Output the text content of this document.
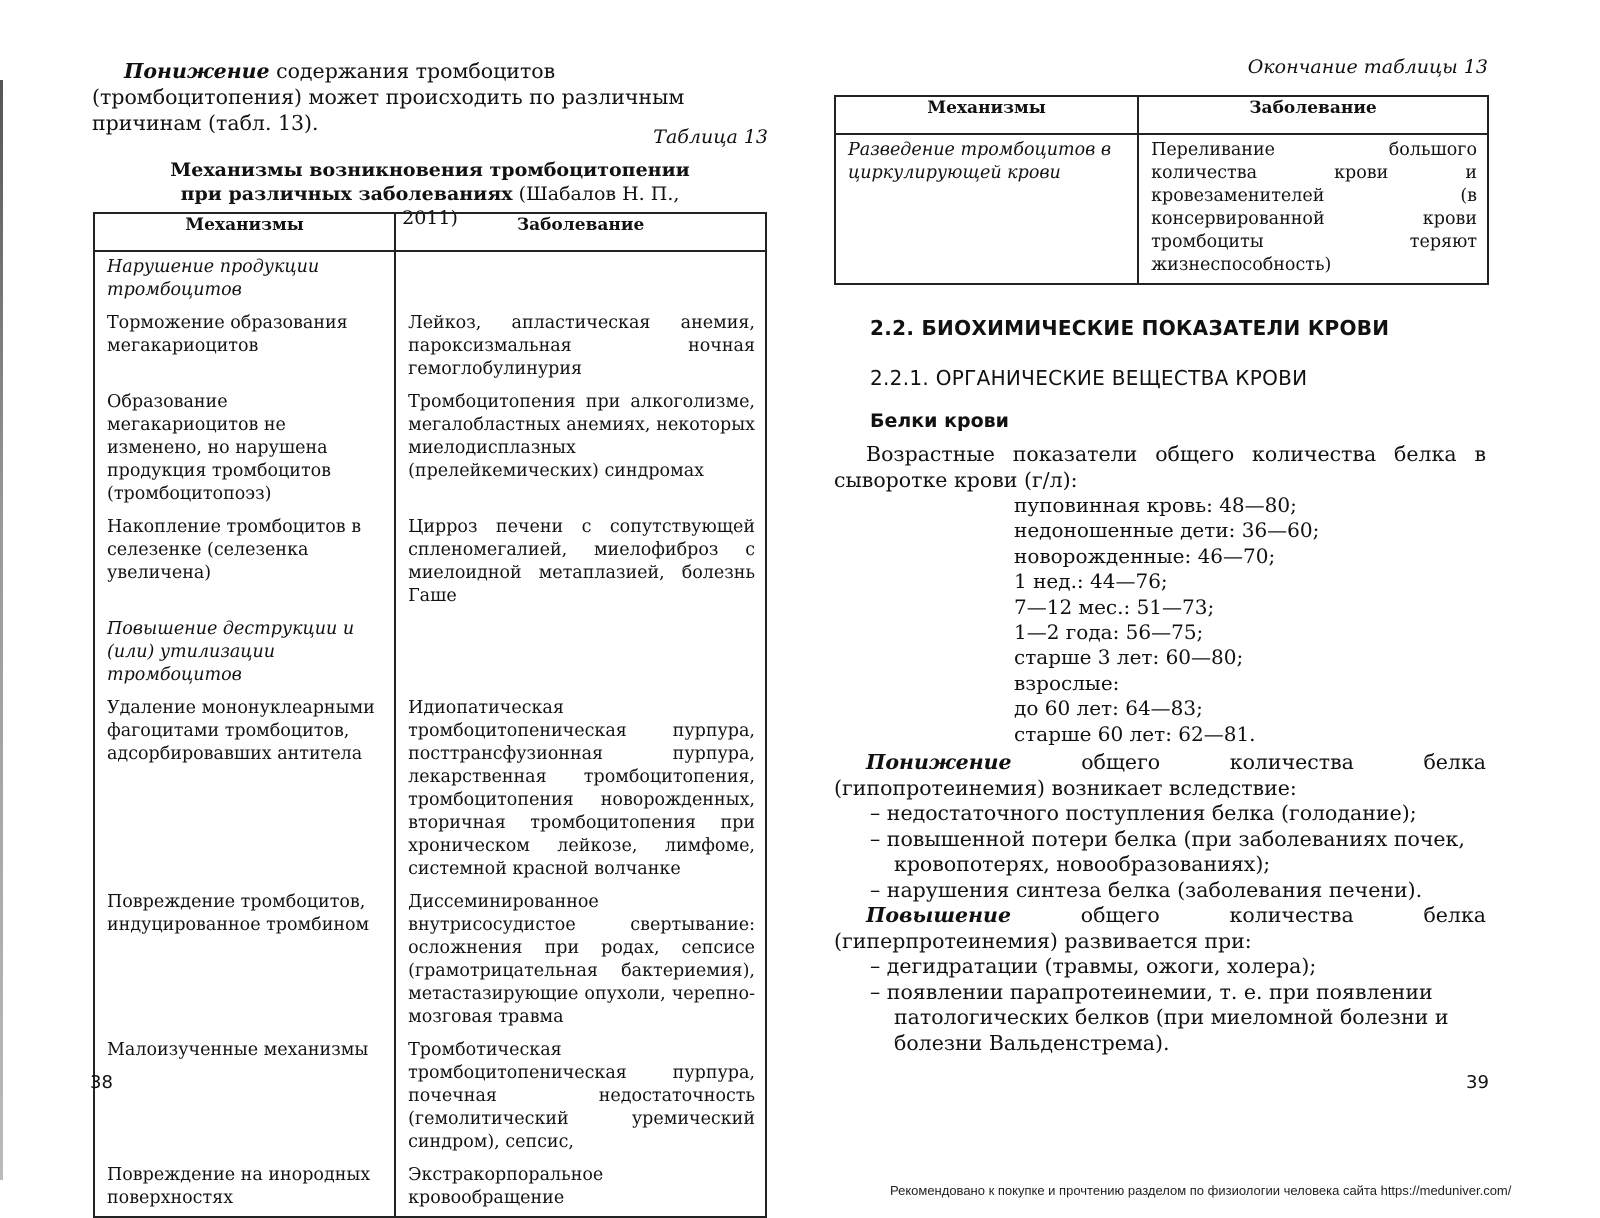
Понижение содержания тромбоцитов (тромбоцитопения) может происходить по различным причинам (табл. 13).

Таблица 13
Механизмы возникновения тромбоцитопении при различных заболеваниях (Шабалов Н. П., 2011)
Механизмы	Заболевание
Нарушение продукции тромбоцитов	
Торможение образования мегакариоцитов	Лейкоз, апластическая анемия, пароксизмальная ночная гемоглобулинурия
Образование мегакариоцитов не изменено, но нарушена продукция тромбоцитов (тромбоцитопоэз)	Тромбоцитопения при алкоголизме, мегалобластных анемиях, некоторых миелодисплазных (прелейкемических) синдромах
Накопление тромбоцитов в селезенке (селезенка увеличена)	Цирроз печени с сопутствующей спленомегалией, миелофиброз с миелоидной метаплазией, болезнь Гаше
Повышение деструкции и (или) утилизации тромбоцитов	
Удаление мононуклеарными фагоцитами тромбоцитов, адсорбировавших антитела	Идиопатическая тромбоцитопеническая пурпура, посттрансфузионная пурпура, лекарственная тромбоцитопения, тромбоцитопения новорожденных, вторичная тромбоцитопения при хроническом лейкозе, лимфоме, системной красной волчанке
Повреждение тромбоцитов, индуцированное тромбином	Диссеминированное внутрисосудистое свертывание: осложнения при родах, сепсисе (грамотрицательная бактериемия), метастазирующие опухоли, черепно-мозговая травма
Малоизученные механизмы	Тромботическая тромбоцитопеническая пурпура, почечная недостаточность (гемолитический уремический синдром), сепсис,
Повреждение на инородных поверхностях	Экстракорпоральное кровообращение
38
Окончание таблицы 13
Механизмы	Заболевание
Разведение тромбоцитов в циркулирующей крови	Переливание большого количества крови и кровезаменителей (в консервированной крови тромбоциты теряют жизнеспособность)
2.2. БИОХИМИЧЕСКИЕ ПОКАЗАТЕЛИ КРОВИ
2.2.1. ОРГАНИЧЕСКИЕ ВЕЩЕСТВА КРОВИ
Белки крови

Возрастные показатели общего количества белка в сыворотке крови (г/л):

пуповинная кровь: 48—80;
недоношенные дети: 36—60;
новорожденные: 46—70;
1 нед.: 44—76;
7—12 мес.: 51—73;
1—2 года: 56—75;
старше 3 лет: 60—80;
взрослые:
до 60 лет: 64—83;
старше 60 лет: 62—81.

Понижение общего количества белка (гипопротеинемия) возникает вследствие:

– недостаточного поступления белка (голодание);
– повышенной потери белка (при заболеваниях почек, кровопотерях, новообразованиях);
– нарушения синтеза белка (заболевания печени).

Повышение общего количества белка (гиперпротеинемия) развивается при:

– дегидратации (травмы, ожоги, холера);
– появлении парапротеинемии, т. е. при появлении патологических белков (при миеломной болезни и болезни Вальденстрема).
39
Рекомендовано к покупке и прочтению разделом по физиологии человека сайта https://meduniver.com/
